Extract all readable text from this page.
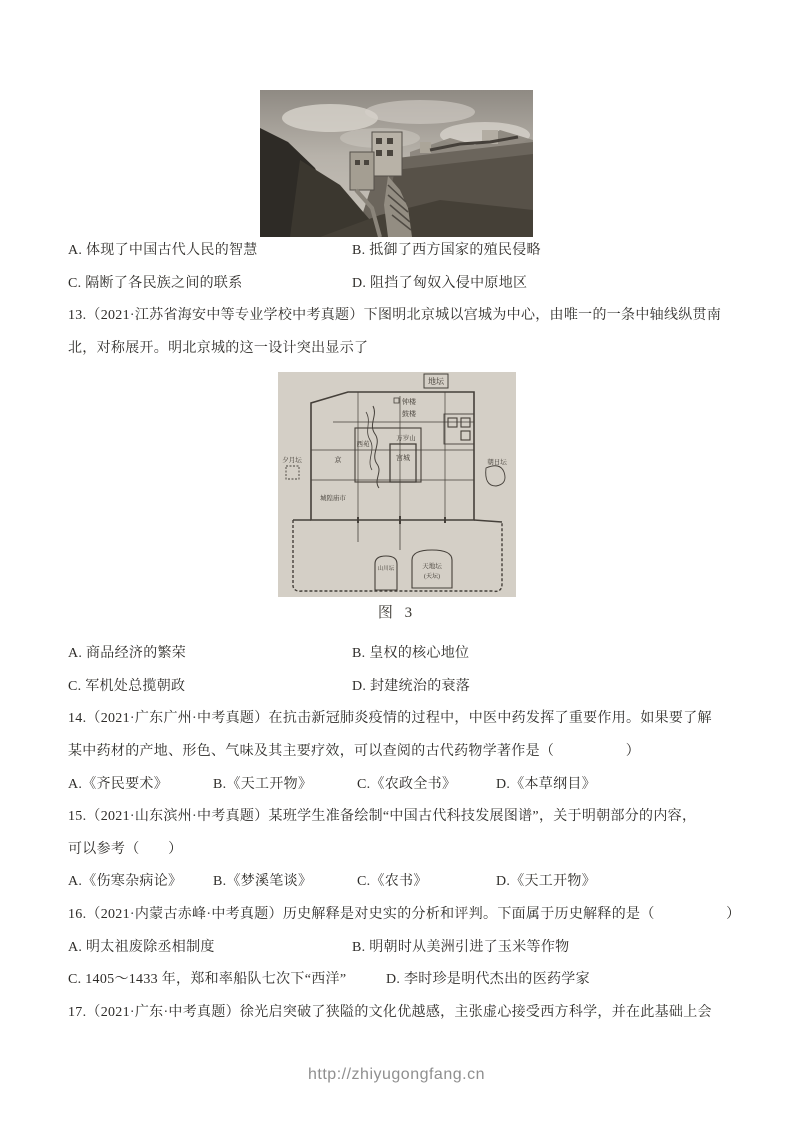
A. 体现了中国古代人民的智慧	B. 抵御了西方国家的殖民侵略
C. 隔断了各民族之间的联系	D. 阻挡了匈奴入侵中原地区
13.（2021·江苏省海安中等专业学校中考真题）下图明北京城以宫城为中心，由唯一的一条中轴线纵贯南
北，对称展开。明北京城的这一设计突出显示了
地坛
宫城
万岁山
西苑
钟楼
鼓楼
京
城隍庙市
夕月坛	朝日坛
山川坛	天地坛
(天坛)
图 3
A. 商品经济的繁荣	B. 皇权的核心地位
C. 军机处总揽朝政	D. 封建统治的衰落
14.（2021·广东广州·中考真题）在抗击新冠肺炎疫情的过程中，中医中药发挥了重要作用。如果要了解
某中药材的产地、形色、气味及其主要疗效，可以查阅的古代药物学著作是（　　　　　）
A.《齐民要术》	B.《天工开物》	C.《农政全书》	D.《本草纲目》
15.（2021·山东滨州·中考真题）某班学生准备绘制“中国古代科技发展图谱”，关于明朝部分的内容，
可以参考（　　）
A.《伤寒杂病论》	B.《梦溪笔谈》	C.《农书》	D.《天工开物》
16.（2021·内蒙古赤峰·中考真题）历史解释是对史实的分析和评判。下面属于历史解释的是（　　　　　）
A. 明太祖废除丞相制度	B. 明朝时从美洲引进了玉米等作物
C. 1405～1433 年，郑和率船队七次下“西洋”	D. 李时珍是明代杰出的医药学家
17.（2021·广东·中考真题）徐光启突破了狭隘的文化优越感，主张虚心接受西方科学，并在此基础上会
http://zhiyugongfang.cn
